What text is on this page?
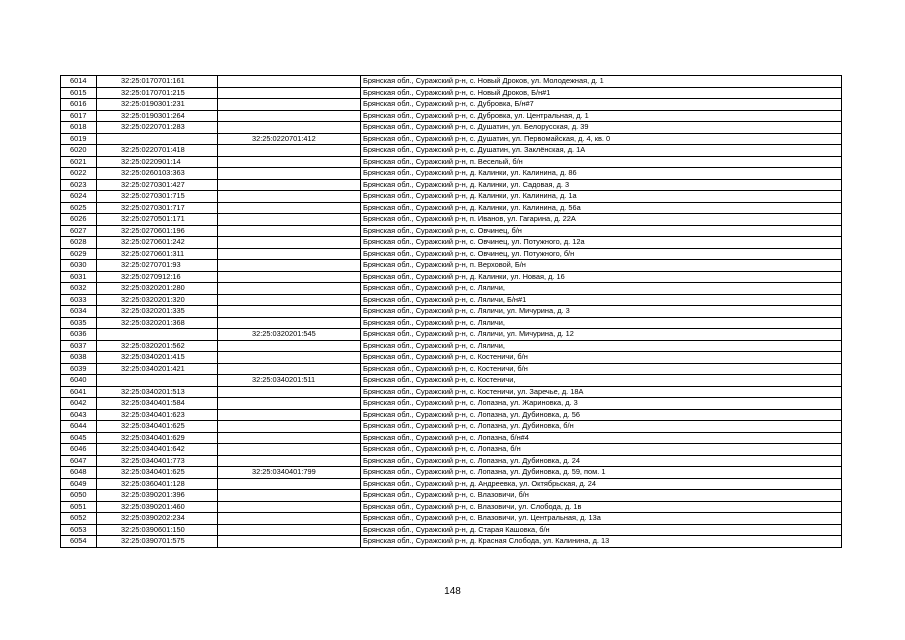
6014	32:25:0170701:161		Брянская обл., Суражский р-н, с. Новый Дроков, ул. Молодежная, д. 1
6015	32:25:0170701:215		Брянская обл., Суражский р-н, с. Новый Дроков, Б/н#1
6016	32:25:0190301:231		Брянская обл., Суражский р-н, с. Дубровка, Б/н#7
6017	32:25:0190301:264		Брянская обл., Суражский р-н, с. Дубровка, ул. Центральная, д. 1
6018	32:25:0220701:283		Брянская обл., Суражский р-н, с. Душатин, ул. Белорусская, д. 39
6019		32:25:0220701:412	Брянская обл., Суражский р-н, с. Душатин, ул. Первомайская, д. 4, кв. 0
6020	32:25:0220701:418		Брянская обл., Суражский р-н, с. Душатин, ул. Заклёнская, д. 1А
6021	32:25:0220901:14		Брянская обл., Суражский р-н, п. Веселый, б/н
6022	32:25:0260103:363		Брянская обл., Суражский р-н, д. Калинки, ул. Калинина, д. 86
6023	32:25:0270301:427		Брянская обл., Суражский р-н, д. Калинки, ул. Садовая, д. 3
6024	32:25:0270301:715		Брянская обл., Суражский р-н, д. Калинки, ул. Калинина, д. 1а
6025	32:25:0270301:717		Брянская обл., Суражский р-н, д. Калинки, ул. Калинина, д. 56а
6026	32:25:0270501:171		Брянская обл., Суражский р-н, п. Иванов, ул. Гагарина, д. 22А
6027	32:25:0270601:196		Брянская обл., Суражский р-н, с. Овчинец, б/н
6028	32:25:0270601:242		Брянская обл., Суражский р-н, с. Овчинец, ул. Потужного, д. 12а
6029	32:25:0270601:311		Брянская обл., Суражский р-н, с. Овчинец, ул. Потужного, б/н
6030	32:25:0270701:93		Брянская обл., Суражский р-н, п. Верховой, Б/н
6031	32:25:0270912:16		Брянская обл., Суражский р-н, д. Калинки, ул. Новая, д. 16
6032	32:25:0320201:280		Брянская обл., Суражский р-н, с. Ляличи,
6033	32:25:0320201:320		Брянская обл., Суражский р-н, с. Ляличи, Б/н#1
6034	32:25:0320201:335		Брянская обл., Суражский р-н, с. Ляличи, ул. Мичурина, д. 3
6035	32:25:0320201:368		Брянская обл., Суражский р-н, с. Ляличи,
6036		32:25:0320201:545	Брянская обл., Суражский р-н, с. Ляличи, ул. Мичурина, д. 12
6037	32:25:0320201:562		Брянская обл., Суражский р-н, с. Ляличи,
6038	32:25:0340201:415		Брянская обл., Суражский р-н, с. Костеничи, б/н
6039	32:25:0340201:421		Брянская обл., Суражский р-н, с. Костеничи, б/н
6040		32:25:0340201:511	Брянская обл., Суражский р-н, с. Костеничи,
6041	32:25:0340201:513		Брянская обл., Суражский р-н, с. Костеничи, ул. Заречье, д. 18А
6042	32:25:0340401:584		Брянская обл., Суражский р-н, с. Лопазна, ул. Жариновка, д. 3
6043	32:25:0340401:623		Брянская обл., Суражский р-н, с. Лопазна, ул. Дубиновка, д. 56
6044	32:25:0340401:625		Брянская обл., Суражский р-н, с. Лопазна, ул. Дубиновка, б/н
6045	32:25:0340401:629		Брянская обл., Суражский р-н, с. Лопазна, б/н#4
6046	32:25:0340401:642		Брянская обл., Суражский р-н, с. Лопазна, б/н
6047	32:25:0340401:773		Брянская обл., Суражский р-н, с. Лопазна, ул. Дубиновка, д. 24
6048	32:25:0340401:625	32:25:0340401:799	Брянская обл., Суражский р-н, с. Лопазна, ул. Дубиновка, д. 59, пом. 1
6049	32:25:0360401:128		Брянская обл., Суражский р-н, д. Андреевка, ул. Октябрьская, д. 24
6050	32:25:0390201:396		Брянская обл., Суражский р-н, с. Влазовичи, б/н
6051	32:25:0390201:460		Брянская обл., Суражский р-н, с. Влазовичи, ул. Слобода, д. 1в
6052	32:25:0390202:234		Брянская обл., Суражский р-н, с. Влазовичи, ул. Центральная, д. 13а
6053	32:25:0390601:150		Брянская обл., Суражский р-н, д. Старая Кашовка, б/н
6054	32:25:0390701:575		Брянская обл., Суражский р-н, д. Красная Слобода, ул. Калинина, д. 13
148
